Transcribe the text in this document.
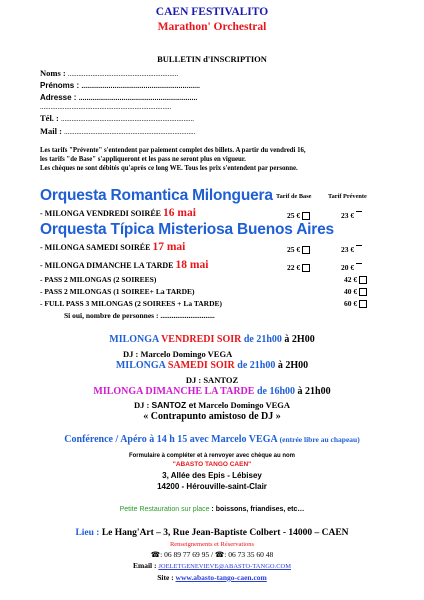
CAEN FESTIVALITO
Marathon' Orchestral
BULLETIN d'INSCRIPTION
Noms : ...............................................................
Prénoms : .............................................................
Adresse : .............................................................
...........................................................................
Tél. : ............................................................................
Mail : ...........................................................................
Les tarifs "Prévente" s'entendent par paiement complet des billets. A partir du vendredi 16,
les tarifs "de Base" s'appliqueront et les pass ne seront plus en vigueur.
Les chèques ne sont débités qu'après ce long WE. Tous les prix s'entendent par personne.
Orquesta Romantica Milonguera Tarif de Base	Tarif Prévente
- MILONGA VENDREDI SOIRÉE 16 mai	25 €	23 €
Orquesta Típica Misteriosa Buenos Aires
- MILONGA SAMEDI SOIRÉE 17 mai	25 €	23 €
- MILONGA DIMANCHE LA TARDE 18 mai	22 €	20 €
- PASS 2 MILONGAS (2 SOIREES)	42 €
- PASS 2 MILONGAS (1 SOIREE+ La TARDE)	40 €
- FULL PASS 3 MILONGAS (2 SOIREES + La TARDE)	60 €
Si oui, nombre de personnes : .............................
MILONGA VENDREDI SOIR de 21h00 à 2H00
DJ : Marcelo Domingo VEGA
MILONGA SAMEDI SOIR de 21h00 à 2H00
DJ : SANTOZ
MILONGA DIMANCHE LA TARDE de 16h00 à 21h00
DJ : SANTOZ et Marcelo Domingo VEGA
« Contrapunto amistoso de DJ »
Conférence / Apéro à 14 h 15 avec Marcelo VEGA (entrée libre au chapeau)
Formulaire à compléter et à renvoyer avec chèque au nom
"ABASTO TANGO CAEN"
3, Allée des Epis - Lébisey
14200 - Hérouville-saint-Clair
Petite Restauration sur place : boissons, friandises, etc…
Lieu : Le Hang'Art – 3, Rue Jean-Baptiste Colbert - 14000 – CAEN
Renseignements et Réservations
☎: 06 89 77 69 95 / ☎: 06 73 35 60 48
Email : JOELETGENEVIEVE@ABASTO-TANGO.COM
Site : www.abasto-tango-caen.com
